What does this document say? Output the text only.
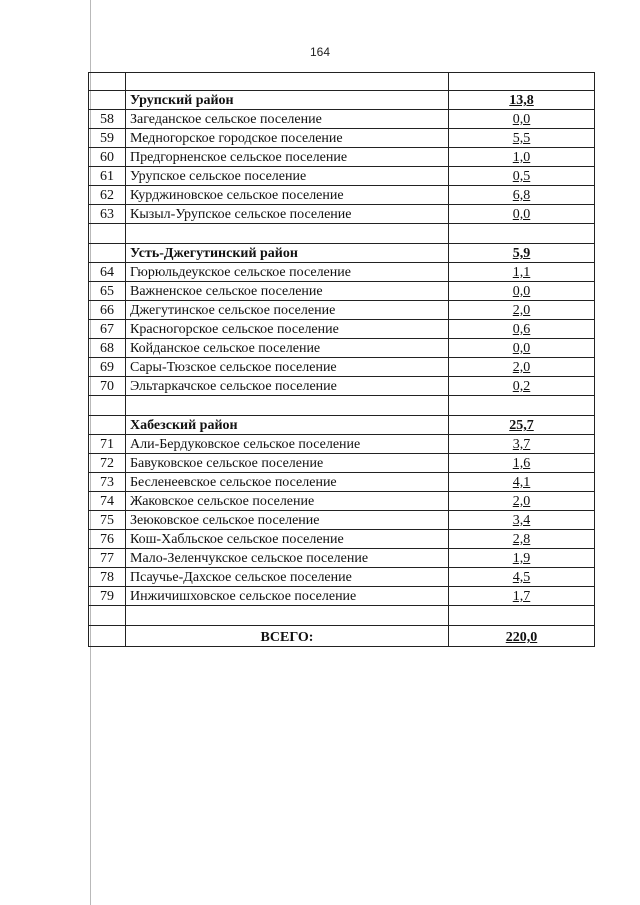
164

	Урупский район	13,8
58	Загеданское сельское поселение	0,0
59	Медногорское городское поселение	5,5
60	Предгорненское сельское поселение	1,0
61	Урупское сельское поселение	0,5
62	Курджиновское сельское поселение	6,8
63	Кызыл-Урупское сельское поселение	0,0

	Усть-Джегутинский район	5,9
64	Гюрюльдеукское сельское поселение	1,1
65	Важненское сельское поселение	0,0
66	Джегутинское сельское поселение	2,0
67	Красногорское сельское поселение	0,6
68	Койданское сельское поселение	0,0
69	Сары-Тюзское сельское поселение	2,0
70	Эльтаркачское сельское поселение	0,2

	Хабезский район	25,7
71	Али-Бердуковское сельское поселение	3,7
72	Бавуковское сельское поселение	1,6
73	Бесленеевское сельское поселение	4,1
74	Жаковское сельское поселение	2,0
75	Зеюковское сельское поселение	3,4
76	Кош-Хабльское сельское поселение	2,8
77	Мало-Зеленчукское сельское поселение	1,9
78	Псаучье-Дахское сельское поселение	4,5
79	Инжичишховское сельское поселение	1,7

	ВСЕГО:	220,0
